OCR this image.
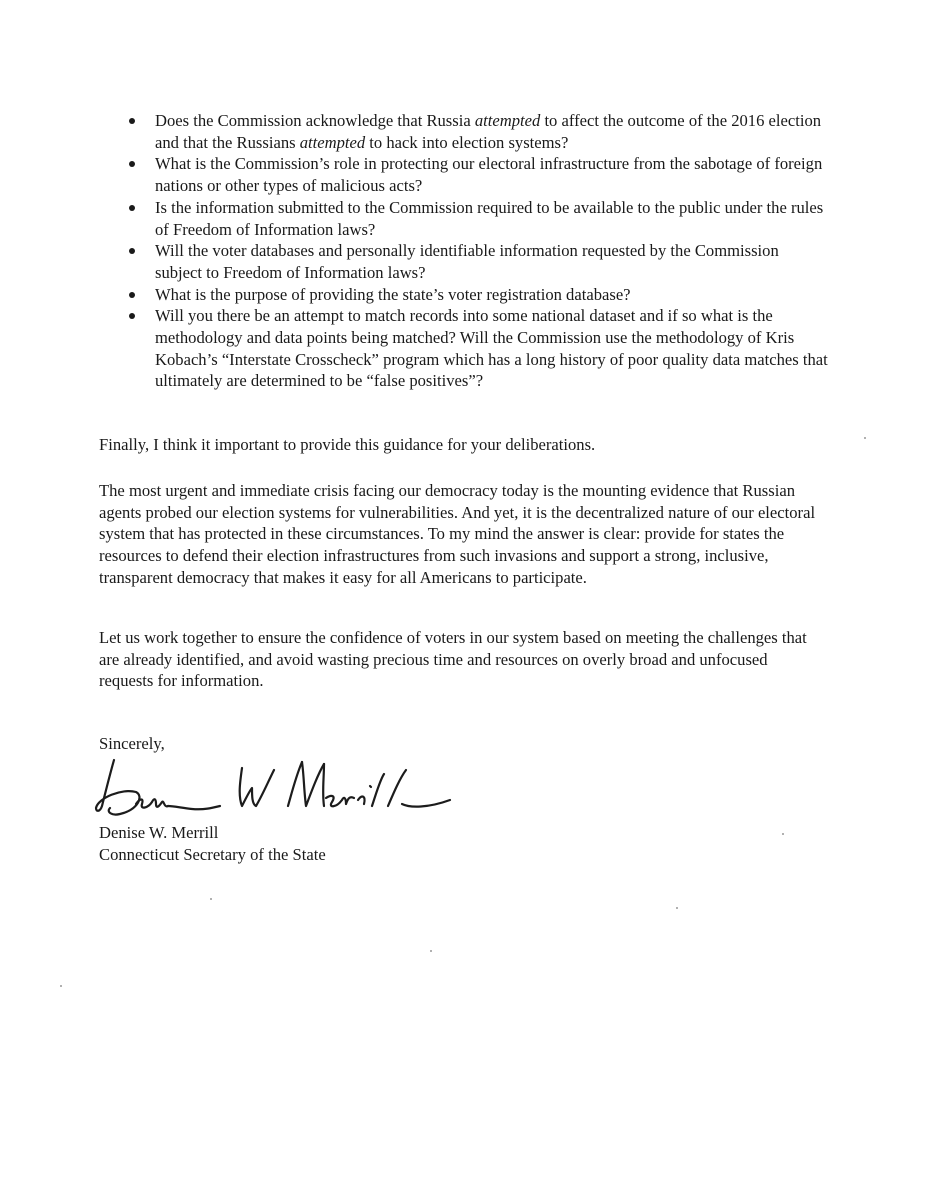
Does the Commission acknowledge that Russia attempted to affect the outcome of the 2016 election and that the Russians attempted to hack into election systems?
What is the Commission’s role in protecting our electoral infrastructure from the sabotage of foreign nations or other types of malicious acts?
Is the information submitted to the Commission required to be available to the public under the rules of Freedom of Information laws?
Will the voter databases and personally identifiable information requested by the Commission subject to Freedom of Information laws?
What is the purpose of providing the state’s voter registration database?
Will you there be an attempt to match records into some national dataset and if so what is the methodology and data points being matched? Will the Commission use the methodology of Kris Kobach’s “Interstate Crosscheck” program which has a long history of poor quality data matches that ultimately are determined to be “false positives”?

Finally, I think it important to provide this guidance for your deliberations.

The most urgent and immediate crisis facing our democracy today is the mounting evidence that Russian agents probed our election systems for vulnerabilities. And yet, it is the decentralized nature of our electoral system that has protected in these circumstances. To my mind the answer is clear: provide for states the resources to defend their election infrastructures from such invasions and support a strong, inclusive, transparent democracy that makes it easy for all Americans to participate.

Let us work together to ensure the confidence of voters in our system based on meeting the challenges that are already identified, and avoid wasting precious time and resources on overly broad and unfocused requests for information.

Sincerely,
Denise W. Merrill
Connecticut Secretary of the State
